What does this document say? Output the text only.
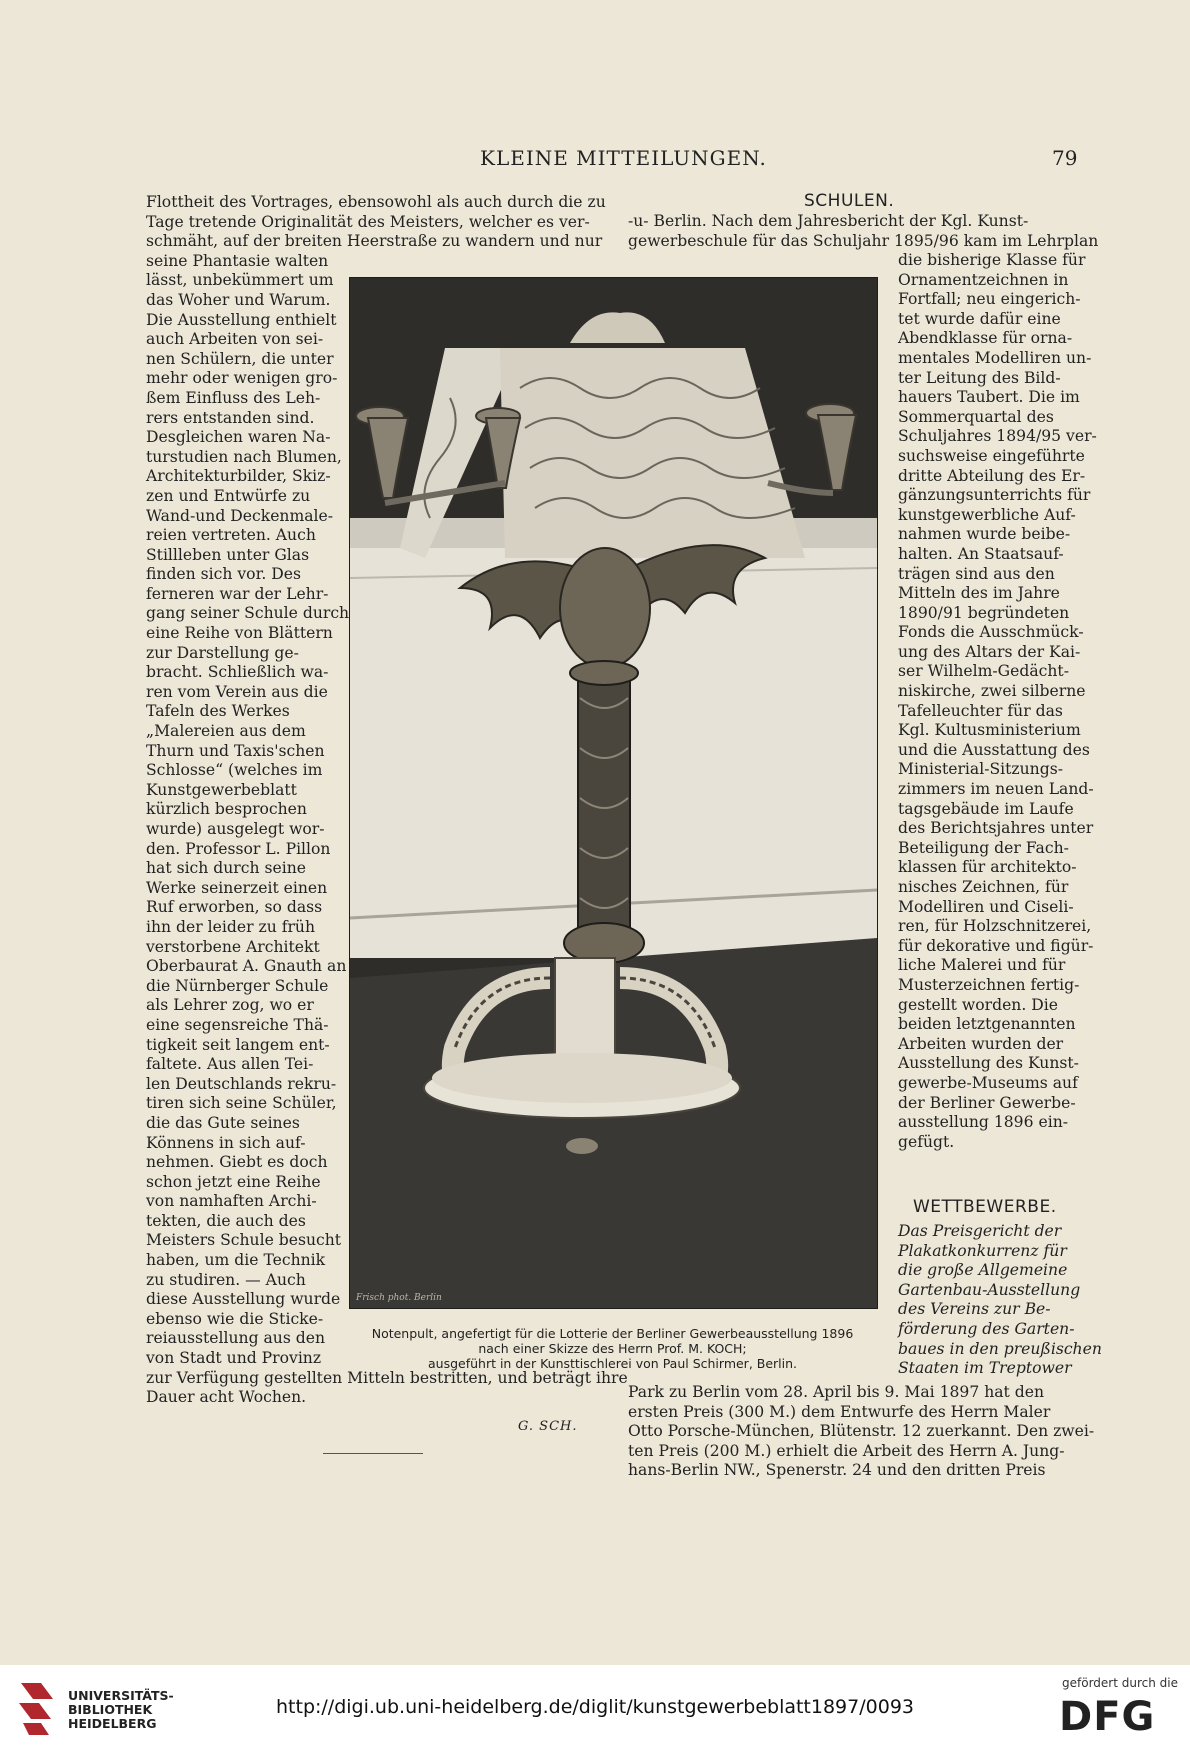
KLEINE MITTEILUNGEN.	79
Flottheit des Vortrages, ebensowohl als auch durch die zu
Tage tretende Originalität des Meisters, welcher es ver-
schmäht, auf der breiten Heerstraße zu wandern und nur
seine Phantasie walten
lässt, unbekümmert um
das Woher und Warum.
Die Ausstellung enthielt
auch Arbeiten von sei-
nen Schülern, die unter
mehr oder wenigen gro-
ßem Einfluss des Leh-
rers entstanden sind.
Desgleichen waren Na-
turstudien nach Blumen,
Architekturbilder, Skiz-
zen und Entwürfe zu
Wand-und Deckenmale-
reien vertreten. Auch
Stillleben unter Glas
finden sich vor. Des
ferneren war der Lehr-
gang seiner Schule durch
eine Reihe von Blättern
zur Darstellung ge-
bracht. Schließlich wa-
ren vom Verein aus die
Tafeln des Werkes
„Malereien aus dem
Thurn und Taxis'schen
Schlosse“ (welches im
Kunstgewerbeblatt
kürzlich besprochen
wurde) ausgelegt wor-
den. Professor L. Pillon
hat sich durch seine
Werke seinerzeit einen
Ruf erworben, so dass
ihn der leider zu früh
verstorbene Architekt
Oberbaurat A. Gnauth an
die Nürnberger Schule
als Lehrer zog, wo er
eine segensreiche Thä-
tigkeit seit langem ent-
faltete. Aus allen Tei-
len Deutschlands rekru-
tiren sich seine Schüler,
die das Gute seines
Könnens in sich auf-
nehmen. Giebt es doch
schon jetzt eine Reihe
von namhaften Archi-
tekten, die auch des
Meisters Schule besucht
haben, um die Technik
zu studiren. — Auch
diese Ausstellung wurde
ebenso wie die Sticke-
reiausstellung aus den
von Stadt und Provinz
zur Verfügung gestellten Mitteln bestritten, und beträgt ihre
Dauer acht Wochen.
G. SCH.
Frisch phot. Berlin
Notenpult, angefertigt für die Lotterie der Berliner Gewerbeausstellung 1896
nach einer Skizze des Herrn Prof. M. KOCH;
ausgeführt in der Kunsttischlerei von Paul Schirmer, Berlin.
SCHULEN.
-u- Berlin. Nach dem Jahresbericht der Kgl. Kunst-
gewerbeschule für das Schuljahr 1895/96 kam im Lehrplan
die bisherige Klasse für
Ornamentzeichnen in
Fortfall; neu eingerich-
tet wurde dafür eine
Abendklasse für orna-
mentales Modelliren un-
ter Leitung des Bild-
hauers Taubert. Die im
Sommerquartal des
Schuljahres 1894/95 ver-
suchsweise eingeführte
dritte Abteilung des Er-
gänzungsunterrichts für
kunstgewerbliche Auf-
nahmen wurde beibe-
halten. An Staatsauf-
trägen sind aus den
Mitteln des im Jahre
1890/91 begründeten
Fonds die Ausschmück-
ung des Altars der Kai-
ser Wilhelm-Gedächt-
niskirche, zwei silberne
Tafelleuchter für das
Kgl. Kultusministerium
und die Ausstattung des
Ministerial-Sitzungs-
zimmers im neuen Land-
tagsgebäude im Laufe
des Berichtsjahres unter
Beteiligung der Fach-
klassen für architekto-
nisches Zeichnen, für
Modelliren und Ciseli-
ren, für Holzschnitzerei,
für dekorative und figür-
liche Malerei und für
Musterzeichnen fertig-
gestellt worden. Die
beiden letztgenannten
Arbeiten wurden der
Ausstellung des Kunst-
gewerbe-Museums auf
der Berliner Gewerbe-
ausstellung 1896 ein-
gefügt.
WETTBEWERBE.
Das Preisgericht der
Plakatkonkurrenz für
die große Allgemeine
Gartenbau-Ausstellung
des Vereins zur Be-
förderung des Garten-
baues in den preußischen
Staaten im Treptower
Park zu Berlin vom 28. April bis 9. Mai 1897 hat den
ersten Preis (300 M.) dem Entwurfe des Herrn Maler
Otto Porsche-München, Blütenstr. 12 zuerkannt. Den zwei-
ten Preis (200 M.) erhielt die Arbeit des Herrn A. Jung-
hans-Berlin NW., Spenerstr. 24 und den dritten Preis
UNIVERSITÄTS-
BIBLIOTHEK
HEIDELBERG
http://digi.ub.uni-heidelberg.de/diglit/kunstgewerbeblatt1897/0093
gefördert durch die
DFG
